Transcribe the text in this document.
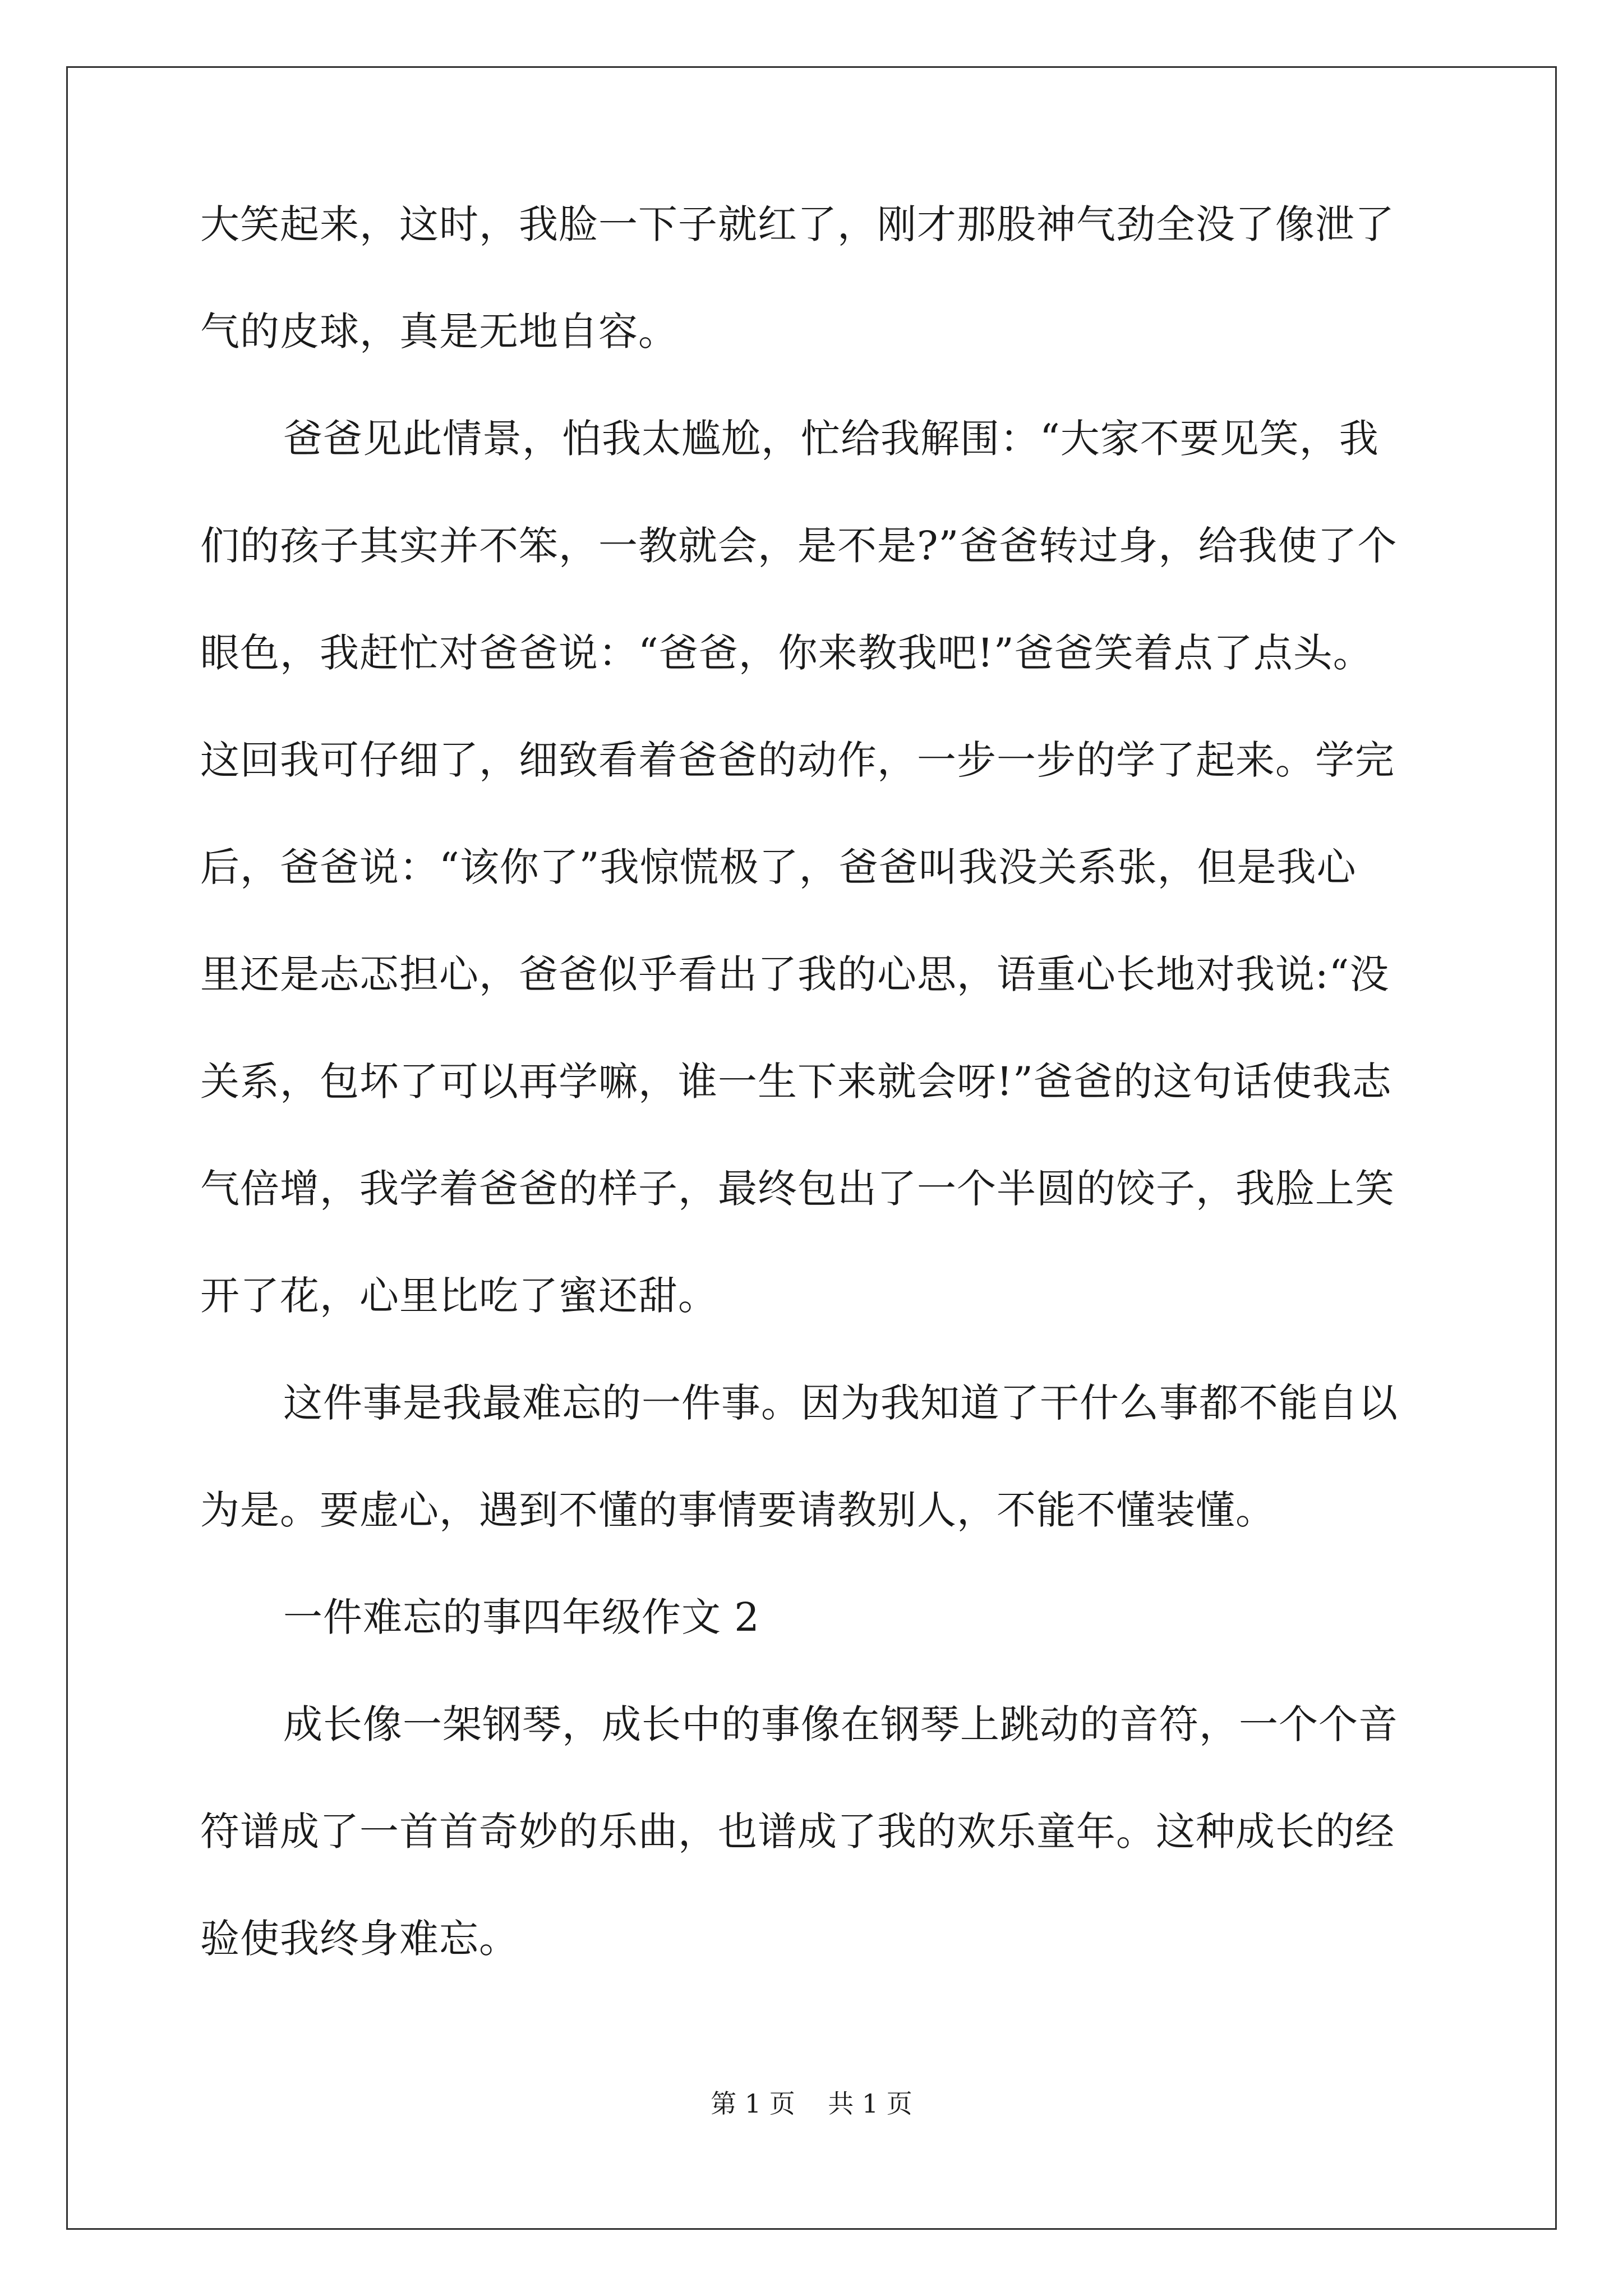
大笑起来，这时，我脸一下子就红了，刚才那股神气劲全没了像泄了
气的皮球，真是无地自容。
爸爸见此情景，怕我太尴尬，忙给我解围：“大家不要见笑，我
们的孩子其实并不笨，一教就会，是不是?”爸爸转过身，给我使了个
眼色，我赶忙对爸爸说：“爸爸，你来教我吧!”爸爸笑着点了点头。
这回我可仔细了，细致看着爸爸的动作，一步一步的学了起来。学完
后，爸爸说：“该你了”我惊慌极了，爸爸叫我没关系张，但是我心
里还是忐忑担心，爸爸似乎看出了我的心思，语重心长地对我说:“没
关系，包坏了可以再学嘛，谁一生下来就会呀!”爸爸的这句话使我志
气倍增，我学着爸爸的样子，最终包出了一个半圆的饺子，我脸上笑
开了花，心里比吃了蜜还甜。
这件事是我最难忘的一件事。因为我知道了干什么事都不能自以
为是。要虚心，遇到不懂的事情要请教别人，不能不懂装懂。
一件难忘的事四年级作文 2
成长像一架钢琴，成长中的事像在钢琴上跳动的音符，一个个音
符谱成了一首首奇妙的乐曲，也谱成了我的欢乐童年。这种成长的经
验使我终身难忘。
第 1 页    共 1 页
